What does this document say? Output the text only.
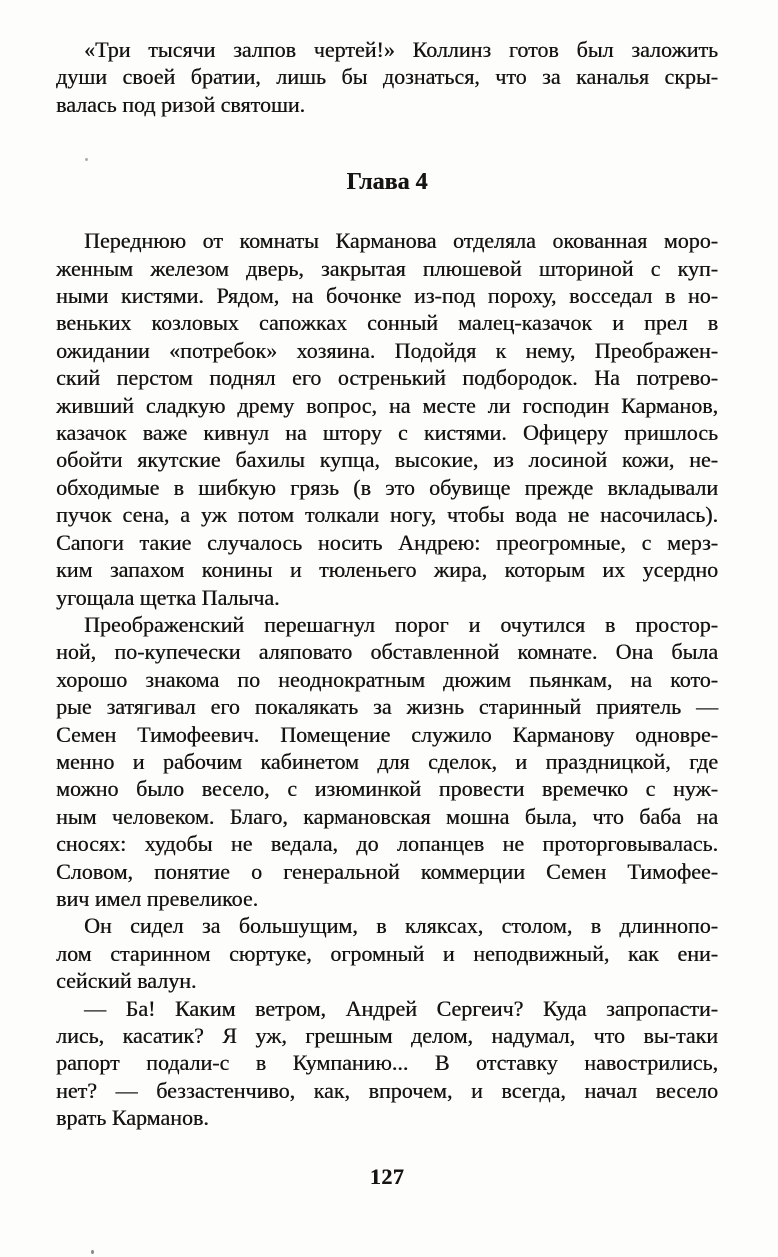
«Три тысячи залпов чертей!» Коллинз готов был заложить
души своей братии, лишь бы дознаться, что за каналья скры-
валась под ризой святоши.
Глава 4
Переднюю от комнаты Карманова отделяла окованная моро-
женным железом дверь, закрытая плюшевой шториной с куп-
ными кистями. Рядом, на бочонке из-под пороху, восседал в но-
веньких козловых сапожках сонный малец-казачок и прел в
ожидании «потребок» хозяина. Подойдя к нему, Преображен-
ский перстом поднял его остренький подбородок. На потрево-
живший сладкую дрему вопрос, на месте ли господин Карманов,
казачок важе кивнул на штору с кистями. Офицеру пришлось
обойти якутские бахилы купца, высокие, из лосиной кожи, не-
обходимые в шибкую грязь (в это обувище прежде вкладывали
пучок сена, а уж потом толкали ногу, чтобы вода не насочилась).
Сапоги такие случалось носить Андрею: преогромные, с мерз-
ким запахом конины и тюленьего жира, которым их усердно
угощала щетка Палыча.
Преображенский перешагнул порог и очутился в простор-
ной, по-купечески аляповато обставленной комнате. Она была
хорошо знакома по неоднократным дюжим пьянкам, на кото-
рые затягивал его покалякать за жизнь старинный приятель —
Семен Тимофеевич. Помещение служило Карманову одновре-
менно и рабочим кабинетом для сделок, и праздницкой, где
можно было весело, с изюминкой провести времечко с нуж-
ным человеком. Благо, кармановская мошна была, что баба на
сносях: худобы не ведала, до лопанцев не проторговывалась.
Словом, понятие о генеральной коммерции Семен Тимофее-
вич имел превеликое.
Он сидел за большущим, в кляксах, столом, в длиннопо-
лом старинном сюртуке, огромный и неподвижный, как ени-
сейский валун.
— Ба! Каким ветром, Андрей Сергеич? Куда запропасти-
лись, касатик? Я уж, грешным делом, надумал, что вы-таки
рапорт подали-с в Кумпанию... В отставку навострились,
нет? — беззастенчиво, как, впрочем, и всегда, начал весело
врать Карманов.
127
